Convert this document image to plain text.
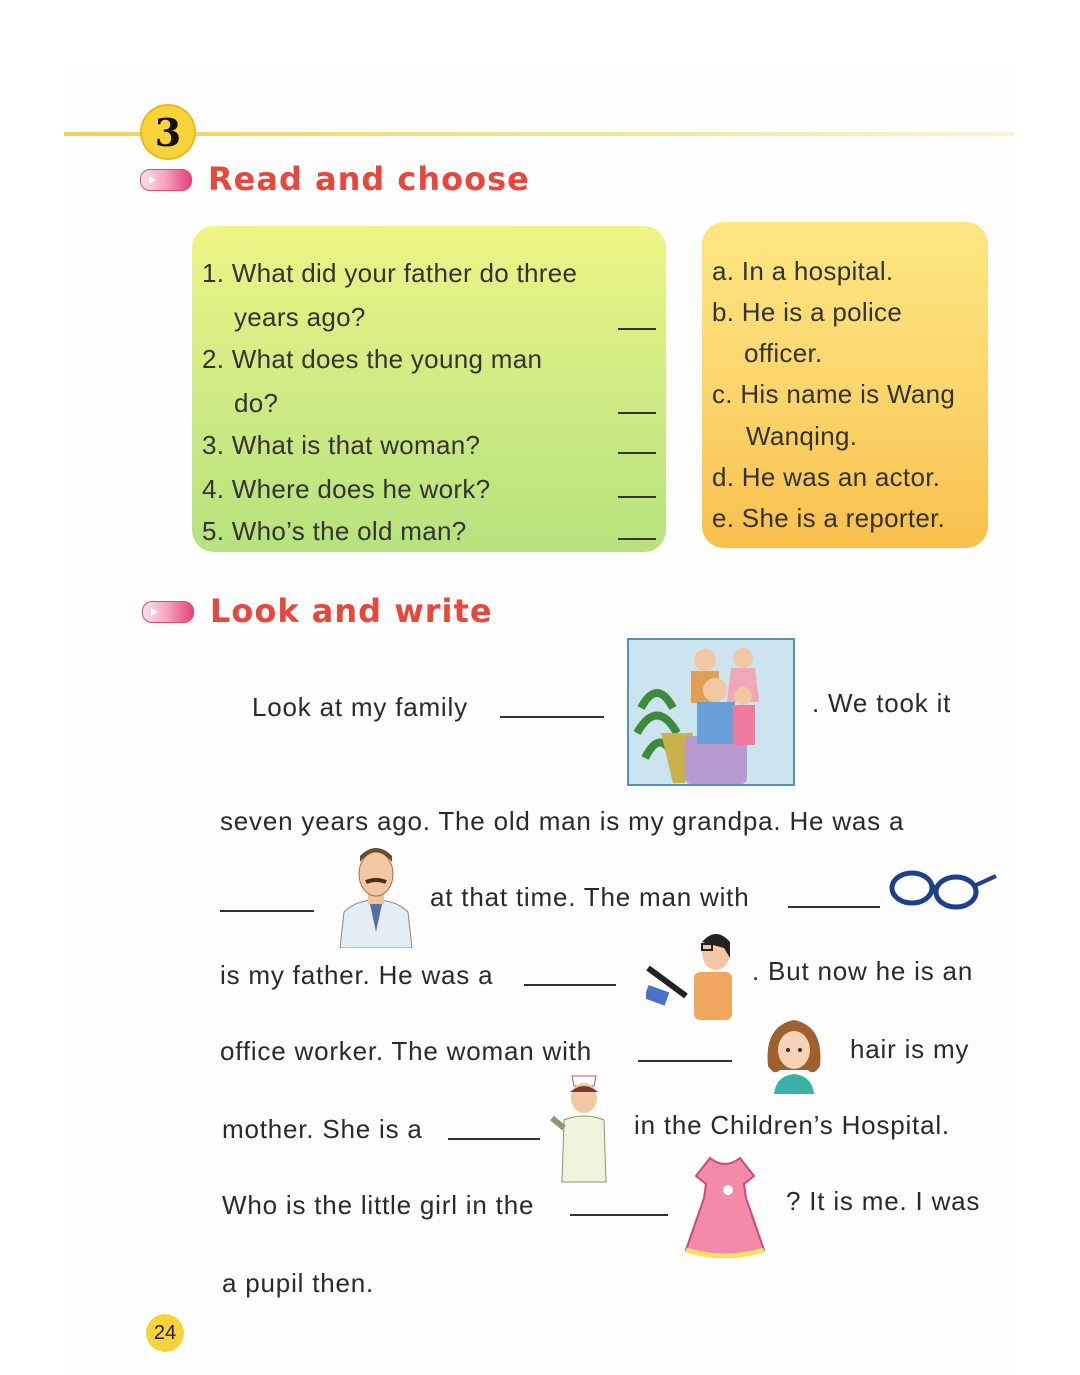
3
Read and choose
1. What did your father do three
years ago?
2. What does the young man
do?
3. What is that woman?
4. Where does he work?
5. Who’s the old man?
a. In a hospital.
b. He is a police
officer.
c. His name is Wang
Wanqing.
d. He was an actor.
e. She is a reporter.
Look and write
Look at my family	. We took it
seven years ago. The old man is my grandpa. He was a
at that time. The man with
is my father. He was a	. But now he is an
office worker. The woman with	hair is my
mother. She is a	in the Children’s Hospital.
Who is the little girl in the	? It is me. I was
a pupil then.
24
